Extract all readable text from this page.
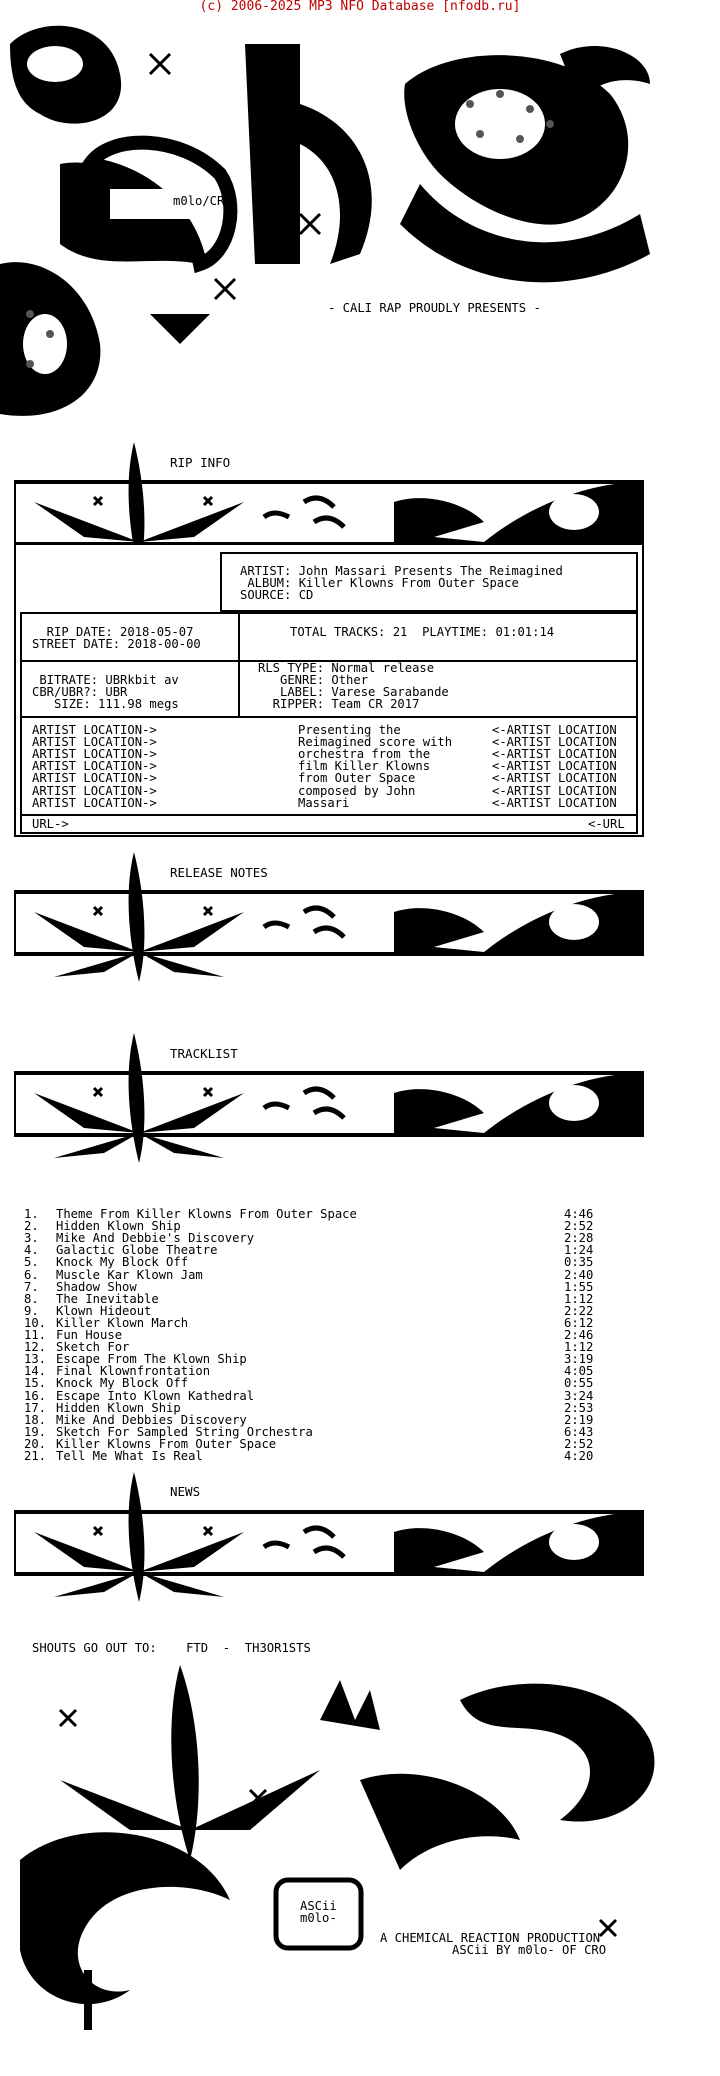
(c) 2006-2025 MP3 NFO Database [nfodb.ru]
m0lo/CRO
- CALI RAP PROUDLY PRESENTS -
RIP INFO
ARTIST: John Massari Presents The Reimagined
ALBUM: Killer Klowns From Outer Space
SOURCE: CD
RIP DATE: 2018-05-07
STREET DATE: 2018-00-00
TOTAL TRACKS: 21  PLAYTIME: 01:01:14
BITRATE: UBRkbit av
CBR/UBR?: UBR
SIZE: 111.98 megs
RLS TYPE: Normal release
GENRE: Other
LABEL: Varese Sarabande
RIPPER: Team CR 2017
ARTIST LOCATION->	Presenting the	<-ARTIST LOCATION
ARTIST LOCATION->	Reimagined score with	<-ARTIST LOCATION
ARTIST LOCATION->	orchestra from the	<-ARTIST LOCATION
ARTIST LOCATION->	film Killer Klowns	<-ARTIST LOCATION
ARTIST LOCATION->	from Outer Space	<-ARTIST LOCATION
ARTIST LOCATION->	composed by John	<-ARTIST LOCATION
ARTIST LOCATION->	Massari	<-ARTIST LOCATION
URL->	<-URL
RELEASE NOTES
TRACKLIST
1. Theme From Killer Klowns From Outer Space	4:46
2. Hidden Klown Ship	2:52
3. Mike And Debbie's Discovery	2:28
4. Galactic Globe Theatre	1:24
5. Knock My Block Off	0:35
6. Muscle Kar Klown Jam	2:40
7. Shadow Show	1:55
8. The Inevitable	1:12
9. Klown Hideout	2:22
10. Killer Klown March	6:12
11. Fun House	2:46
12. Sketch For	1:12
13. Escape From The Klown Ship	3:19
14. Final Klownfrontation	4:05
15. Knock My Block Off	0:55
16. Escape Into Klown Kathedral	3:24
17. Hidden Klown Ship	2:53
18. Mike And Debbies Discovery	2:19
19. Sketch For Sampled String Orchestra	6:43
20. Killer Klowns From Outer Space	2:52
21. Tell Me What Is Real	4:20
NEWS
SHOUTS GO OUT TO:    FTD  -  TH3OR1STS
ASCii
m0lo-
A CHEMICAL REACTION PRODUCTION
ASCii BY m0lo- OF CRO
